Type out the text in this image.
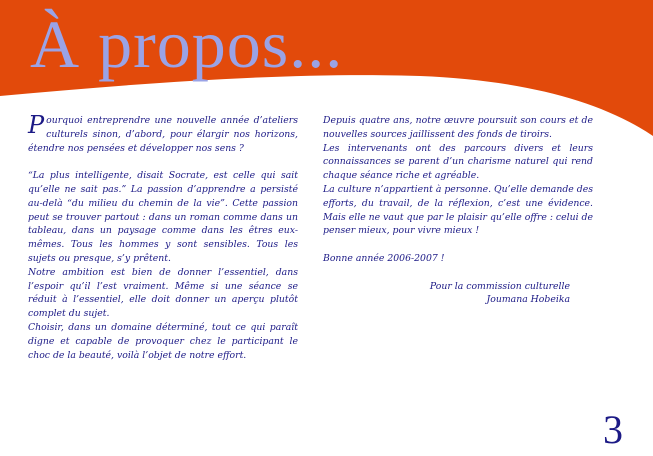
À propos...

Pourquoi entreprendre une nouvelle année d’ateliers culturels sinon, d’abord, pour élargir nos horizons, étendre nos pensées et développer nos sens ?

“La plus intelligente, disait Socrate, est celle qui sait qu’elle ne sait pas.” La passion d’apprendre a persisté au-delà “du milieu du chemin de la vie”. Cette passion peut se trouver partout : dans un roman comme dans un tableau, dans un paysage comme dans les êtres eux-mêmes. Tous les hommes y sont sensibles. Tous les sujets ou presque, s’y prêtent.

Notre ambition est bien de donner l’essentiel, dans l’espoir qu’il l’est vraiment. Même si une séance se réduit à l’essentiel, elle doit donner un aperçu plutôt complet du sujet.

Choisir, dans un domaine déterminé, tout ce qui paraît digne et capable de provoquer chez le participant le choc de la beauté, voilà l’objet de notre effort.

Depuis quatre ans, notre œuvre poursuit son cours et de nouvelles sources jaillissent des fonds de tiroirs.

Les intervenants ont des parcours divers et leurs connaissances se parent d’un charisme naturel qui rend chaque séance riche et agréable.

La culture n’appartient à personne. Qu’elle demande des efforts, du travail, de la réflexion, c’est une évidence. Mais elle ne vaut que par le plaisir qu’elle offre : celui de penser mieux, pour vivre mieux !

Bonne année 2006-2007 !

Pour la commission culturelle

Joumana Hobeika

3
